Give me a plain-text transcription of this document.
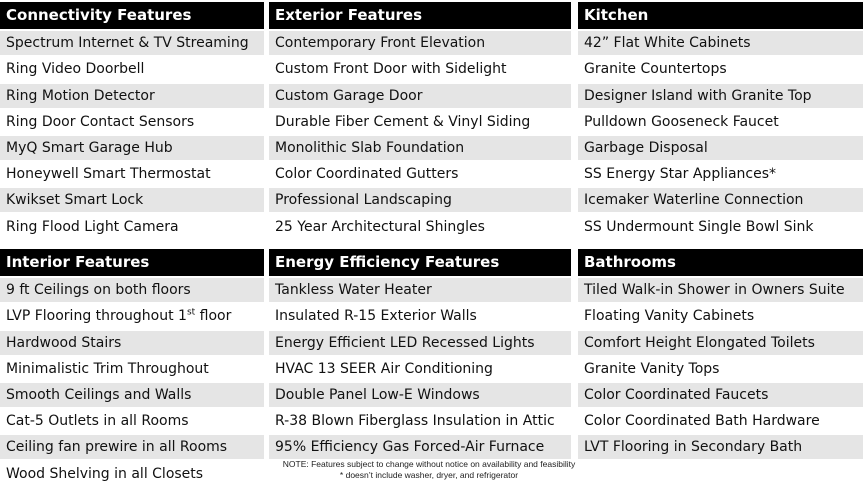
Connectivity Features
Spectrum Internet & TV Streaming
Ring Video Doorbell
Ring Motion Detector
Ring Door Contact Sensors
MyQ Smart Garage Hub
Honeywell Smart Thermostat
Kwikset Smart Lock
Ring Flood Light Camera
Exterior Features
Contemporary Front Elevation
Custom Front Door with Sidelight
Custom Garage Door
Durable Fiber Cement & Vinyl Siding
Monolithic Slab Foundation
Color Coordinated Gutters
Professional Landscaping
25 Year Architectural Shingles
Kitchen
42” Flat White Cabinets
Granite Countertops
Designer Island with Granite Top
Pulldown Gooseneck Faucet
Garbage Disposal
SS Energy Star Appliances*
Icemaker Waterline Connection
SS Undermount Single Bowl Sink
Interior Features
9 ft Ceilings on both floors
LVP Flooring throughout 1st floor
Hardwood Stairs
Minimalistic Trim Throughout
Smooth Ceilings and Walls
Cat-5 Outlets in all Rooms
Ceiling fan prewire in all Rooms
Wood Shelving in all Closets
Energy Efficiency Features
Tankless Water Heater
Insulated R-15 Exterior Walls
Energy Efficient LED Recessed Lights
HVAC 13 SEER Air Conditioning
Double Panel Low-E Windows
R-38 Blown Fiberglass Insulation in Attic
95% Efficiency Gas Forced-Air Furnace
Bathrooms
Tiled Walk-in Shower in Owners Suite
Floating Vanity Cabinets
Comfort Height Elongated Toilets
Granite Vanity Tops
Color Coordinated Faucets
Color Coordinated Bath Hardware
LVT Flooring in Secondary Bath
NOTE: Features subject to change without notice on availability and feasibility
* doesn’t include washer, dryer, and refrigerator
